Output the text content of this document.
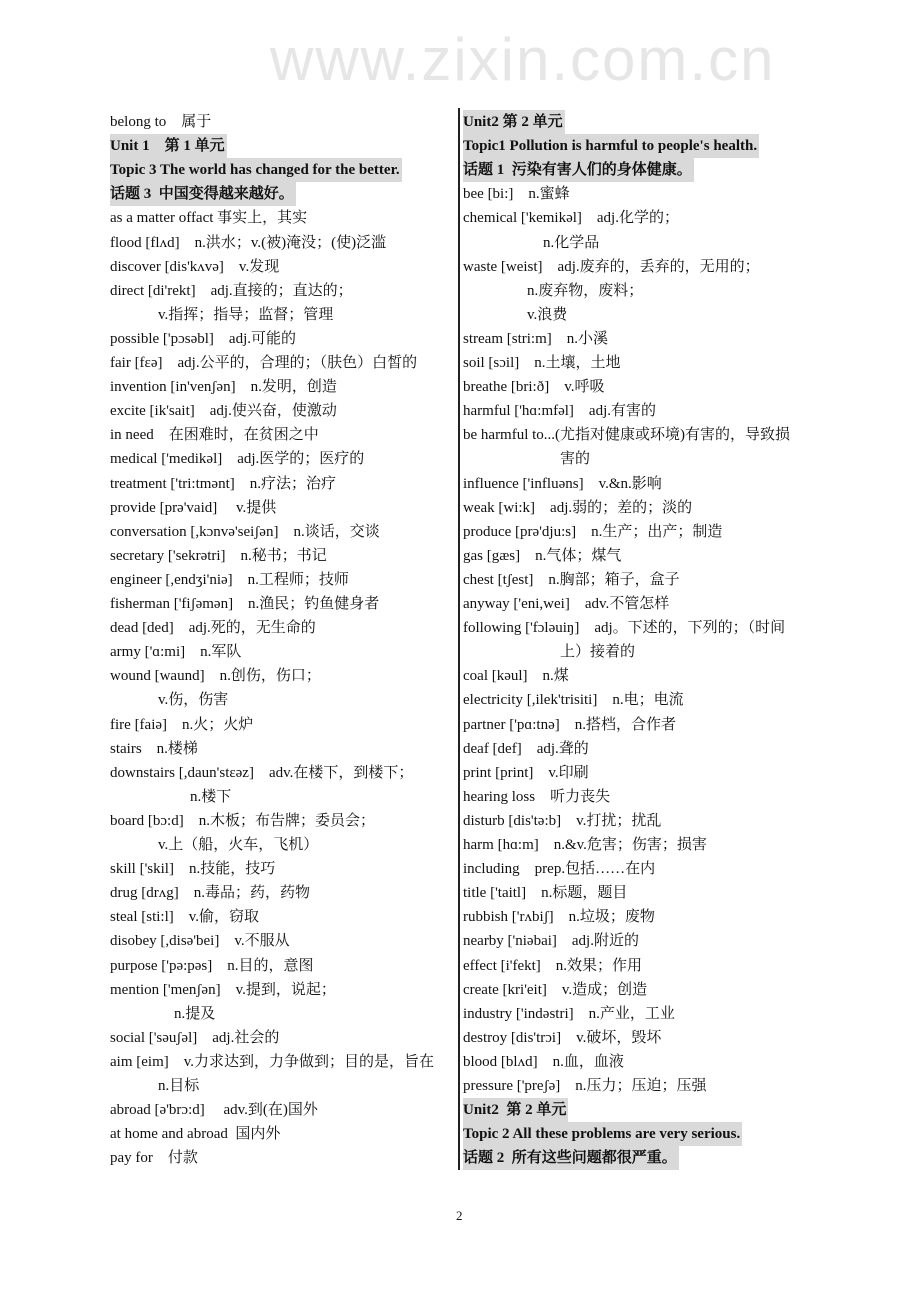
www.zixin.com.cn
belong to　属于
Unit 1　第 1 单元
Topic 3 The world has changed for the better.
话题 3  中国变得越来越好。
as a matter offact 事实上，其实
flood [flʌd]　n.洪水；v.(被)淹没；(使)泛滥
discover [dis'kʌvə]　v.发现
direct [di'rekt]　adj.直接的；直达的；
v.指挥；指导；监督；管理
possible ['pɔsəbl]　adj.可能的
fair [fεə]　adj.公平的，合理的；（肤色）白皙的
invention [in'venʃən]　n.发明，创造
excite [ik'sait]　adj.使兴奋，使激动
in need　在困难时，在贫困之中
medical ['medikəl]　adj.医学的；医疗的
treatment ['tri:tmənt]　n.疗法；治疗
provide [prə'vaid]　 v.提供
conversation [,kɔnvə'seiʃən]　n.谈话，交谈
secretary ['sekrətri]　n.秘书；书记
engineer [,endʒi'niə]　n.工程师；技师
fisherman ['fiʃəmən]　n.渔民；钓鱼健身者
dead [ded]　adj.死的，无生命的
army ['ɑ:mi]　n.军队
wound [waund]　n.创伤，伤口；
v.伤，伤害
fire [faiə]　n.火；火炉
stairs　n.楼梯
downstairs [,daun'stεəz]　adv.在楼下，到楼下；
n.楼下
board [bɔ:d]　n.木板；布告牌；委员会；
v.上（船，火车，飞机）
skill ['skil]　n.技能，技巧
drug [drʌg]　n.毒品；药，药物
steal [sti:l]　v.偷，窃取
disobey [,disə'bei]　v.不服从
purpose ['pə:pəs]　n.目的，意图
mention ['menʃən]　v.提到，说起；
n.提及
social ['səuʃəl]　adj.社会的
aim [eim]　v.力求达到，力争做到；目的是，旨在
n.目标
abroad [ə'brɔ:d]　 adv.到(在)国外
at home and abroad  国内外
pay for　付款
Unit2 第 2 单元
Topic1 Pollution is harmful to people's health.
话题 1  污染有害人们的身体健康。
bee [bi:]　n.蜜蜂
chemical ['kemikəl]　adj.化学的；
n.化学品
waste [weist]　adj.废弃的，丢弃的，无用的；
n.废弃物，废料；
v.浪费
stream [stri:m]　n.小溪
soil [sɔil]　n.土壤，土地
breathe [bri:ð]　v.呼吸
harmful ['hɑ:mfəl]　adj.有害的
be harmful to...(尤指对健康或环境)有害的，导致损
害的
influence ['influəns]　v.&n.影响
weak [wi:k]　adj.弱的；差的；淡的
produce [prə'dju:s]　n.生产；出产；制造
gas [gæs]　n.气体；煤气
chest [tʃest]　n.胸部；箱子，盒子
anyway ['eni,wei]　adv.不管怎样
following ['fɔləuiŋ]　adj。下述的，下列的；（时间
上）接着的
coal [kəul]　n.煤
electricity [,ilek'trisiti]　n.电；电流
partner ['pɑ:tnə]　n.搭档，合作者
deaf [def]　adj.聋的
print [print]　v.印刷
hearing loss　听力丧失
disturb [dis'tə:b]　v.打扰；扰乱
harm [hɑ:m]　n.&v.危害；伤害；损害
including　prep.包括……在内
title ['taitl]　n.标题，题目
rubbish ['rʌbiʃ]　n.垃圾；废物
nearby ['niəbai]　adj.附近的
effect [i'fekt]　n.效果；作用
create [kri'eit]　v.造成；创造
industry ['indəstri]　n.产业，工业
destroy [dis'trɔi]　v.破坏，毁坏
blood [blʌd]　n.血，血液
pressure ['preʃə]　n.压力；压迫；压强
Unit2  第 2 单元
Topic 2 All these problems are very serious.
话题 2  所有这些问题都很严重。
2
